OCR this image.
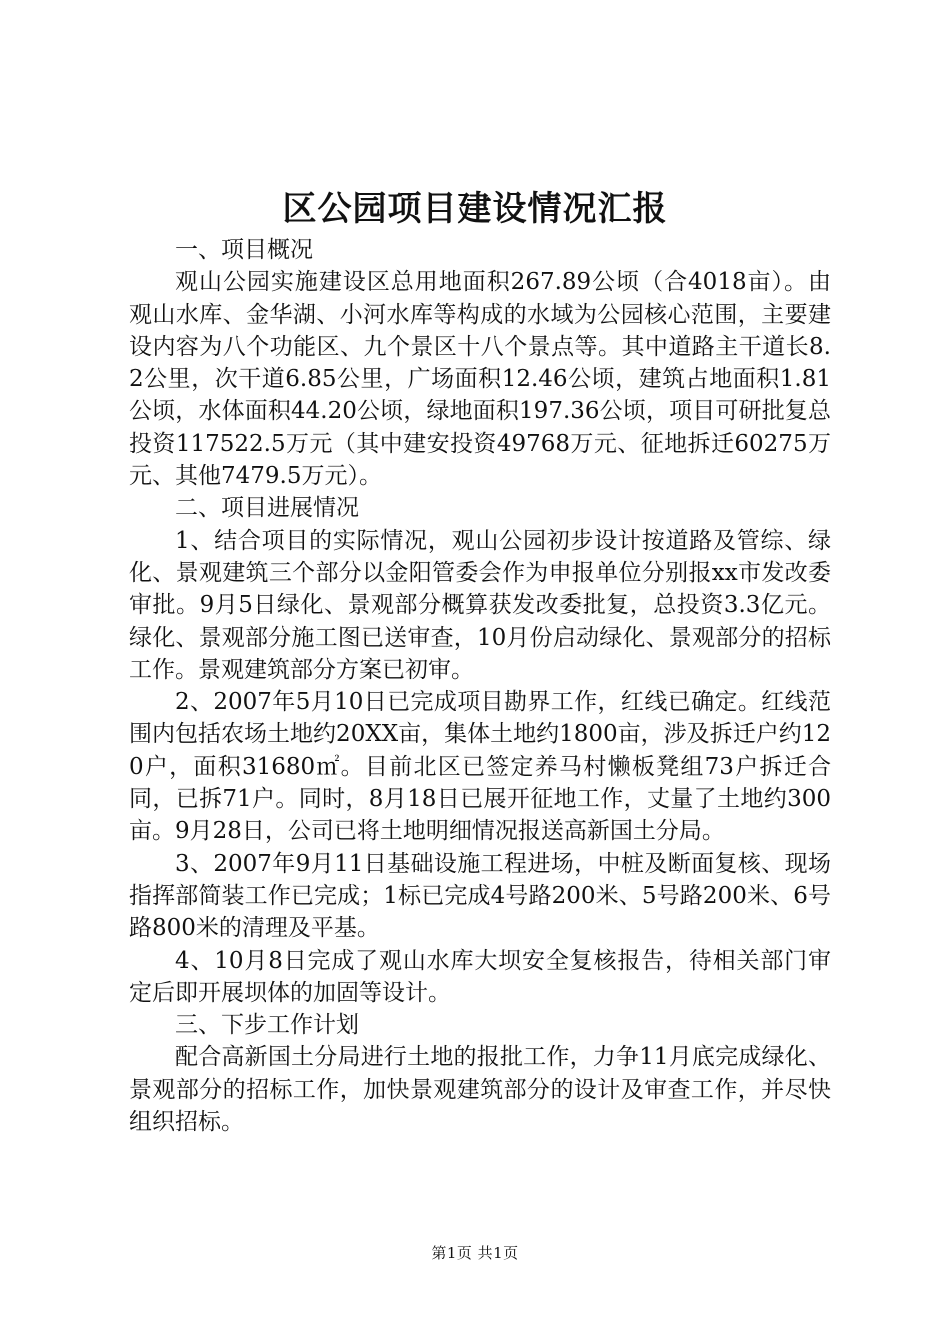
区公园项目建设情况汇报

一、项目概况

观山公园实施建设区总用地面积267.89公顷（合4018亩）。由观山水库、金华湖、小河水库等构成的水域为公园核心范围，主要建设内容为八个功能区、九个景区十八个景点等。其中道路主干道长8.2公里，次干道6.85公里，广场面积12.46公顷，建筑占地面积1.81公顷，水体面积44.20公顷，绿地面积197.36公顷，项目可研批复总投资117522.5万元（其中建安投资49768万元、征地拆迁60275万元、其他7479.5万元）。

二、项目进展情况

1、结合项目的实际情况，观山公园初步设计按道路及管综、绿化、景观建筑三个部分以金阳管委会作为申报单位分别报xx市发改委审批。9月5日绿化、景观部分概算获发改委批复，总投资3.3亿元。绿化、景观部分施工图已送审查，10月份启动绿化、景观部分的招标工作。景观建筑部分方案已初审。

2、2007年5月10日已完成项目勘界工作，红线已确定。红线范围内包括农场土地约20XX亩，集体土地约1800亩，涉及拆迁户约120户，面积31680㎡。目前北区已签定养马村懒板凳组73户拆迁合同，已拆71户。同时，8月18日已展开征地工作，丈量了土地约300亩。9月28日，公司已将土地明细情况报送高新国土分局。

3、2007年9月11日基础设施工程进场，中桩及断面复核、现场指挥部简装工作已完成；1标已完成4号路200米、5号路200米、6号路800米的清理及平基。

4、10月8日完成了观山水库大坝安全复核报告，待相关部门审定后即开展坝体的加固等设计。

三、下步工作计划

配合高新国土分局进行土地的报批工作，力争11月底完成绿化、景观部分的招标工作，加快景观建筑部分的设计及审查工作，并尽快组织招标。

第1页 共1页
